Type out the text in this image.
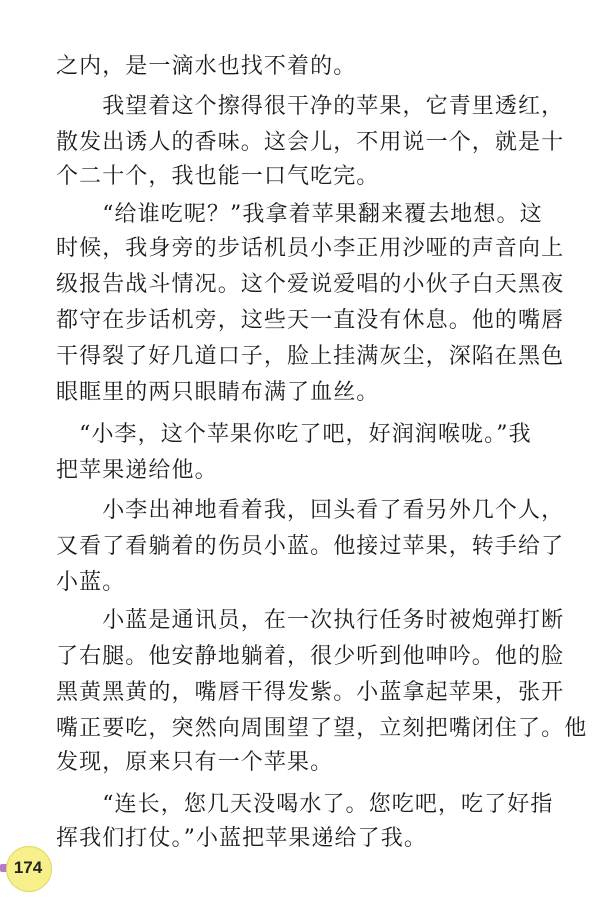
之内，是一滴水也找不着的。
　　我望着这个擦得很干净的苹果，它青里透红，
散发出诱人的香味。这会儿，不用说一个，就是十
个二十个，我也能一口气吃完。
　　“给谁吃呢？”我拿着苹果翻来覆去地想。这
时候，我身旁的步话机员小李正用沙哑的声音向上
级报告战斗情况。这个爱说爱唱的小伙子白天黑夜
都守在步话机旁，这些天一直没有休息。他的嘴唇
干得裂了好几道口子，脸上挂满灰尘，深陷在黑色
眼眶里的两只眼睛布满了血丝。
　“小李，这个苹果你吃了吧，好润润喉咙。”我
把苹果递给他。
　　小李出神地看着我，回头看了看另外几个人，
又看了看躺着的伤员小蓝。他接过苹果，转手给了
小蓝。
　　小蓝是通讯员，在一次执行任务时被炮弹打断
了右腿。他安静地躺着，很少听到他呻吟。他的脸
黑黄黑黄的，嘴唇干得发紫。小蓝拿起苹果，张开
嘴正要吃，突然向周围望了望，立刻把嘴闭住了。他
发现，原来只有一个苹果。
　　“连长，您几天没喝水了。您吃吧，吃了好指
挥我们打仗。”小蓝把苹果递给了我。
174
